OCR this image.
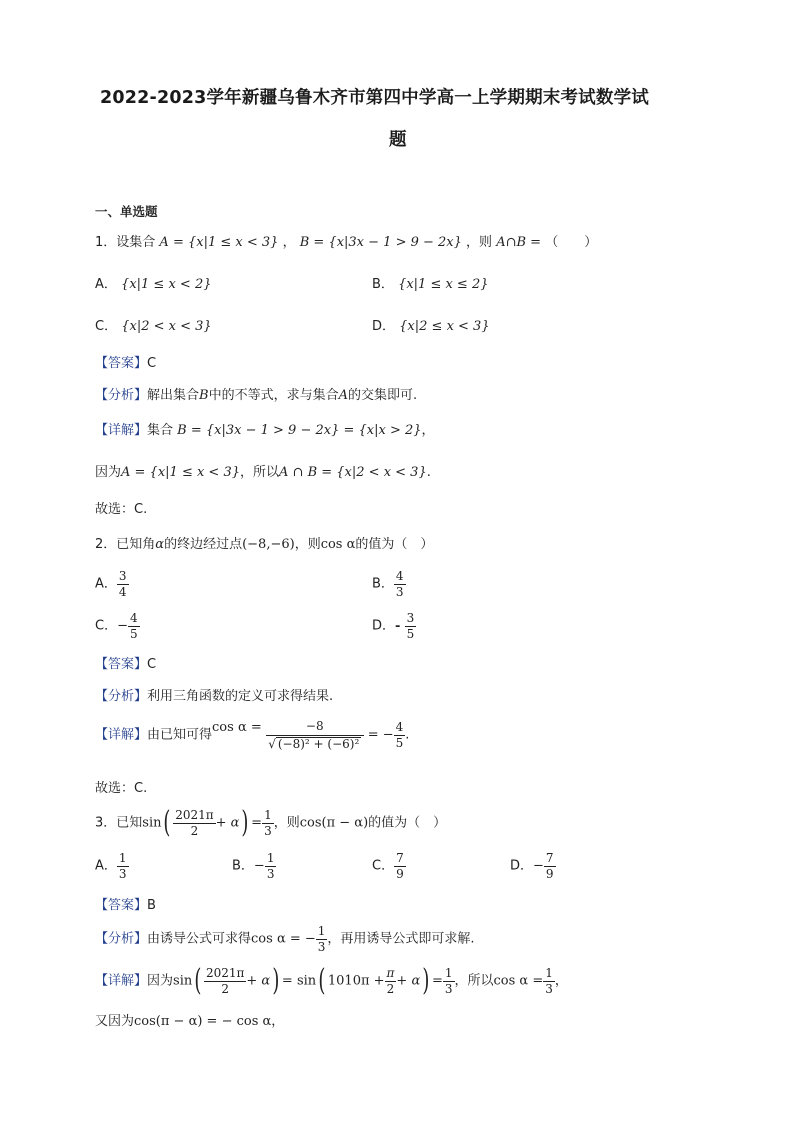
2022-2023学年新疆乌鲁木齐市第四中学高一上学期期末考试数学试
题
一、单选题
1．设集合 A = {x|1 ≤ x < 3} ， B = {x|3x − 1 > 9 − 2x} ，则 A∩B = （　　）
A． {x|1 ≤ x < 2}	B． {x|1 ≤ x ≤ 2}
C． {x|2 < x < 3}	D． {x|2 ≤ x < 3}
【答案】C
【分析】解出集合B中的不等式，求与集合A的交集即可.
【详解】集合 B = {x|3x − 1 > 9 − 2x} = {x|x > 2}，
因为A = {x|1 ≤ x < 3}，所以A ∩ B = {x|2 < x < 3}.
故选：C.
2．已知角α的终边经过点(−8,−6)，则cos α的值为（　）
A． $\frac{3}{4}$	B． $\frac{4}{3}$
C．− $\frac{4}{5}$	D．- $\frac{3}{5}$
【答案】C
【分析】利用三角函数的定义可求得结果.
【详解】由已知可得$\cos \alpha = \frac{-8}{\text{√ (−8)² + (−6)²}}$ = − $\frac{4}{5}$ .
故选：C.
3．已知$\sin( \frac{2021\pi}{2} + \alpha) = \frac{1}{3}$ ，则cos(π − α)的值为（　）
A． $\frac{1}{3}$	B．− $\frac{1}{3}$	C． $\frac{7}{9}$	D．− $\frac{7}{9}$
【答案】B
【分析】由诱导公式可求得cos α = − $\frac{1}{3}$ ，再用诱导公式即可求解.
【详解】因为$\sin( \frac{2021\pi}{2} + \alpha) = \sin$( $1010\pi + \frac{\pi}{2} + \alpha) = \frac{1}{3}$ ，所以$\cos \alpha = \frac{1}{3}$ ，
又因为cos(π − α) = − cos α，
